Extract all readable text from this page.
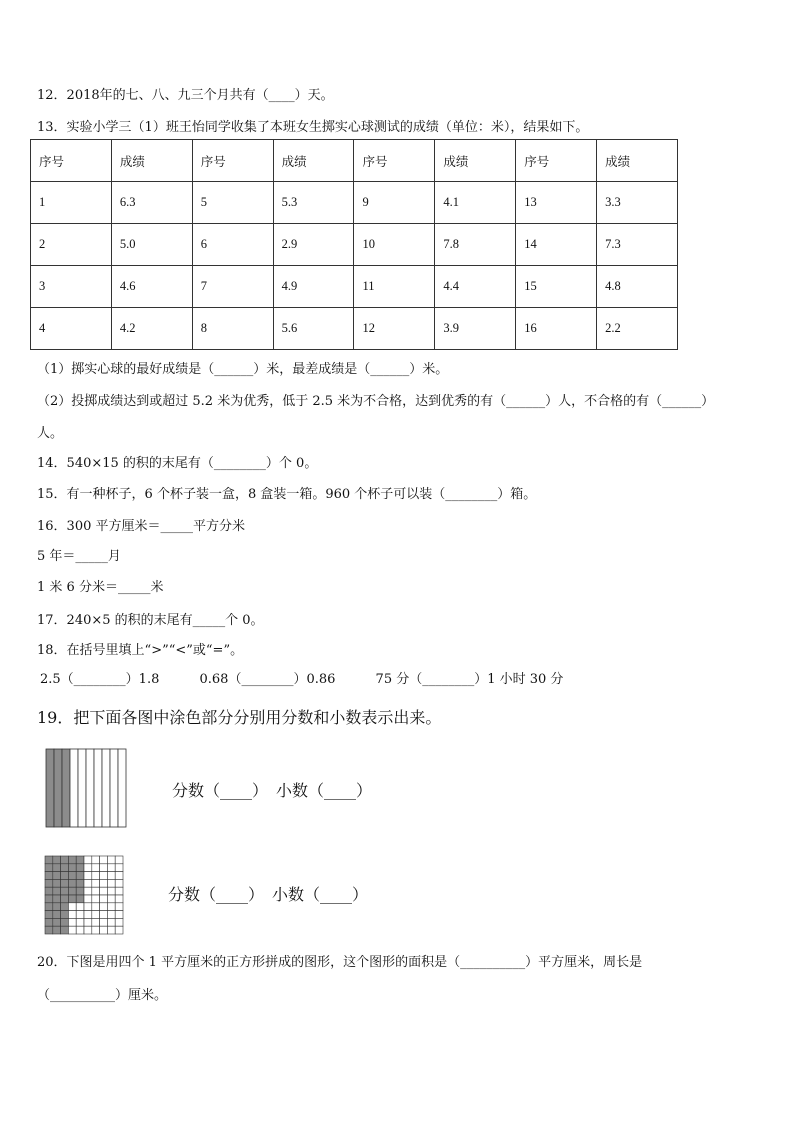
12．2018年的七、八、九三个月共有（____）天。
13．实验小学三（1）班王怡同学收集了本班女生掷实心球测试的成绩（单位：米），结果如下。
序号	成绩	序号	成绩	序号	成绩	序号	成绩
1	6.3	5	5.3	9	4.1	13	3.3
2	5.0	6	2.9	10	7.8	14	7.3
3	4.6	7	4.9	11	4.4	15	4.8
4	4.2	8	5.6	12	3.9	16	2.2
（1）掷实心球的最好成绩是（______）米，最差成绩是（______）米。
（2）投掷成绩达到或超过 5.2 米为优秀，低于 2.5 米为不合格，达到优秀的有（______）人，不合格的有（______）
人。
14．540×15 的积的末尾有（________）个 0。
15．有一种杯子，6 个杯子装一盒，8 盒装一箱。960 个杯子可以装（________）箱。
16．300 平方厘米＝_____平方分米
5 年＝_____月
1 米 6 分米＝_____米
17．240×5 的积的末尾有_____个 0。
18．在括号里填上“>”“<”或“=”。
2.5（________）1.8	0.68（________）0.86	75 分（________）1 小时 30 分
19．把下面各图中涂色部分分别用分数和小数表示出来。
分数（____）　小数（____）
分数（____）　小数（____）
20．下图是用四个 1 平方厘米的正方形拼成的图形，这个图形的面积是（__________）平方厘米，周长是
（__________）厘米。
